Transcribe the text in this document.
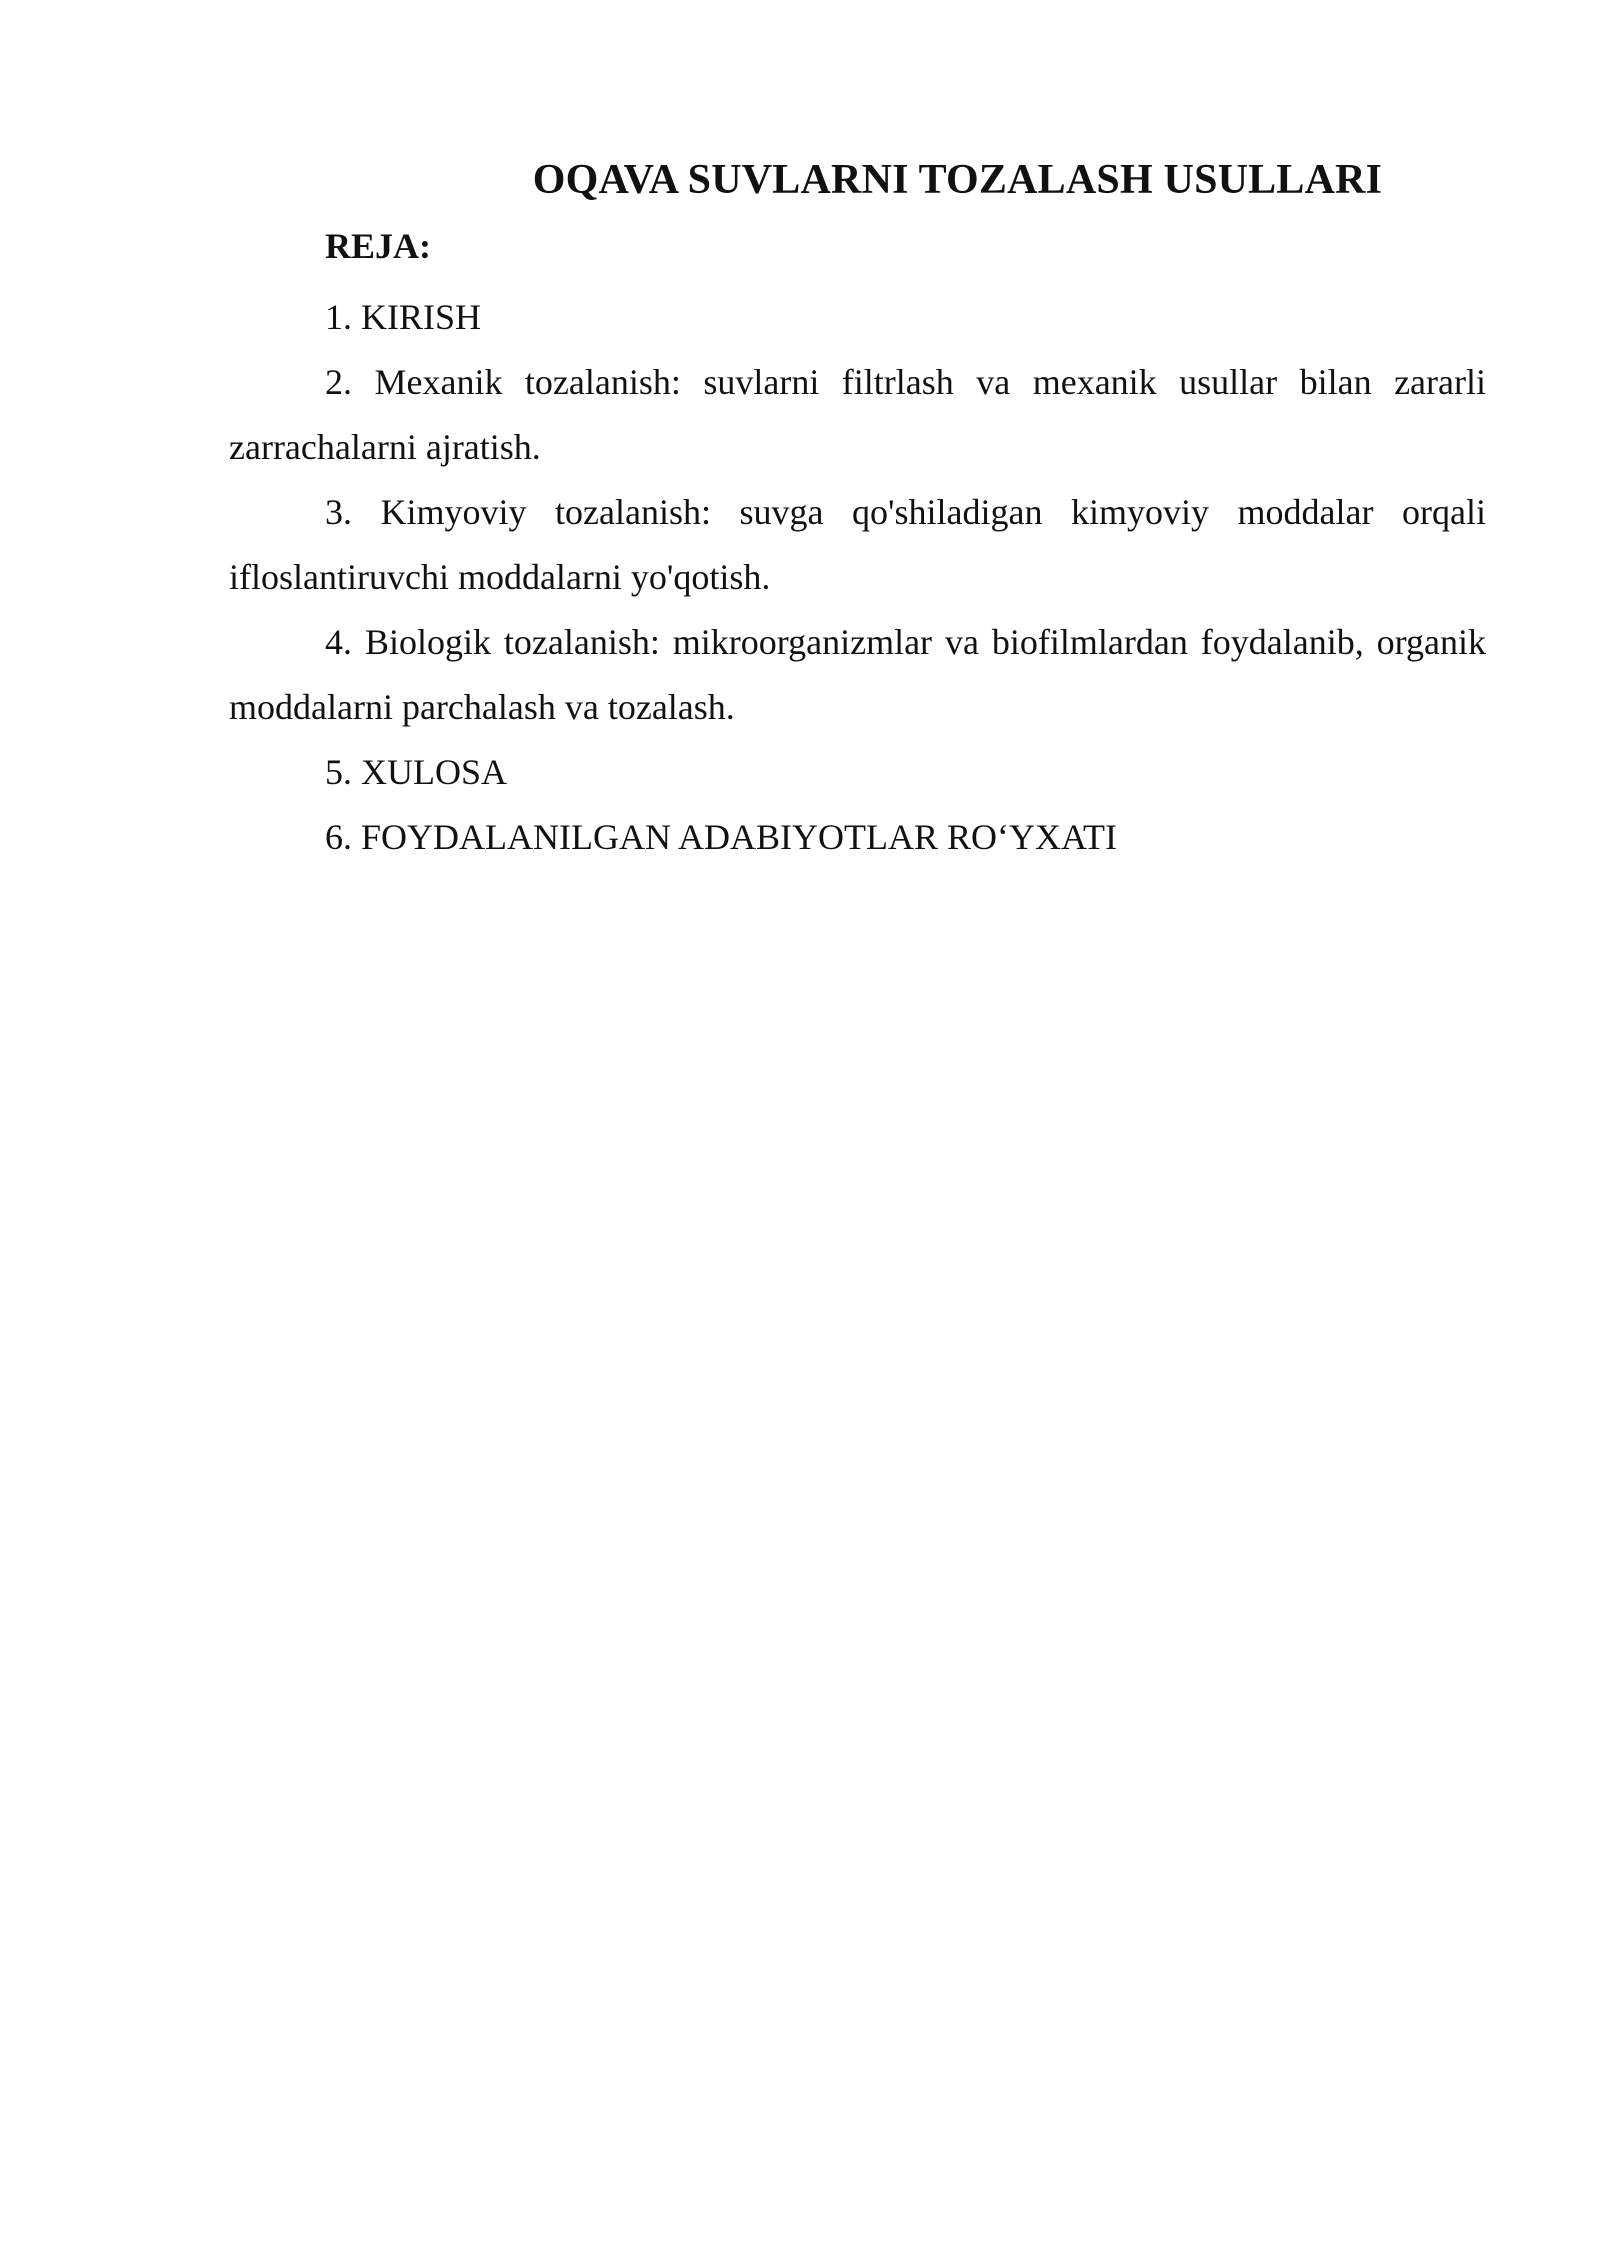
OQAVA SUVLARNI TOZALASH USULLARI
REJA:

1. KIRISH

2. Mexanik tozalanish: suvlarni filtrlash va mexanik usullar bilan zararli zarrachalarni ajratish.

3. Kimyoviy tozalanish: suvga qo'shiladigan kimyoviy moddalar orqali ifloslantiruvchi moddalarni yo'qotish.

4. Biologik tozalanish: mikroorganizmlar va biofilmlardan foydalanib, organik moddalarni parchalash va tozalash.

5. XULOSA

6. FOYDALANILGAN ADABIYOTLAR RO‘YXATI
